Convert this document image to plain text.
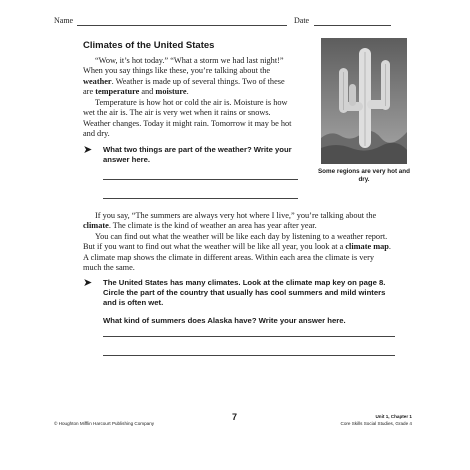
Name	Date
Climates of the United States

“Wow, it’s hot today.” “What a storm we had last night!” When you say things like these, you’re talking about the weather. Weather is made up of several things. Two of these are temperature and moisture.

Temperature is how hot or cold the air is. Moisture is how wet the air is. The air is very wet when it rains or snows. Weather changes. Today it might rain. Tomorrow it may be hot and dry.

➤ What two things are part of the weather? Write your answer here.
Some regions are very hot and dry.

If you say, “The summers are always very hot where I live,” you’re talking about the climate. The climate is the kind of weather an area has year after year.

You can find out what the weather will be like each day by listening to a weather report. But if you want to find out what the weather will be like all year, you look at a climate map. A climate map shows the climate in different areas. Within each area the climate is very much the same.

➤ The United States has many climates. Look at the climate map key on page 8. Circle the part of the country that usually has cool summers and mild winters and is often wet.
What kind of summers does Alaska have? Write your answer here.
7
© Houghton Mifflin Harcourt Publishing Company
Unit 1, Chapter 1
Core Skills Social Studies, Grade 4
